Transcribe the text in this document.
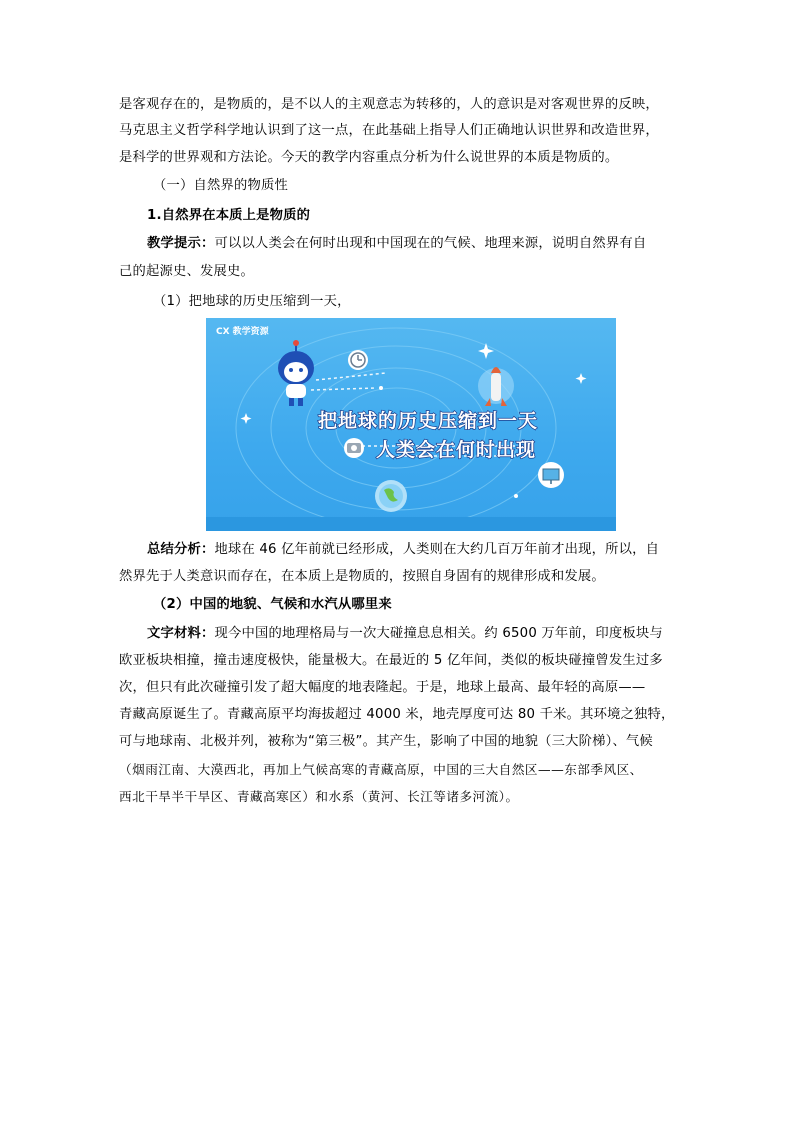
是客观存在的，是物质的，是不以人的主观意志为转移的，人的意识是对客观世界的反映，
马克思主义哲学科学地认识到了这一点，在此基础上指导人们正确地认识世界和改造世界，
是科学的世界观和方法论。今天的教学内容重点分析为什么说世界的本质是物质的。
（一）自然界的物质性
1.自然界在本质上是物质的
教学提示：可以以人类会在何时出现和中国现在的气候、地理来源，说明自然界有自
己的起源史、发展史。
（1）把地球的历史压缩到一天，
CX 教学资源
把地球的历史压缩到一天
人类会在何时出现
总结分析：地球在 46 亿年前就已经形成，人类则在大约几百万年前才出现，所以，自
然界先于人类意识而存在，在本质上是物质的，按照自身固有的规律形成和发展。
（2）中国的地貌、气候和水汽从哪里来
文字材料：现今中国的地理格局与一次大碰撞息息相关。约 6500 万年前，印度板块与
欧亚板块相撞，撞击速度极快，能量极大。在最近的 5 亿年间，类似的板块碰撞曾发生过多
次，但只有此次碰撞引发了超大幅度的地表隆起。于是，地球上最高、最年轻的高原——
青藏高原诞生了。青藏高原平均海拔超过 4000 米，地壳厚度可达 80 千米。其环境之独特，
可与地球南、北极并列，被称为“第三极”。其产生，影响了中国的地貌（三大阶梯）、气候
（烟雨江南、大漠西北，再加上气候高寒的青藏高原，中国的三大自然区——东部季风区、
西北干旱半干旱区、青藏高寒区）和水系（黄河、长江等诸多河流）。
